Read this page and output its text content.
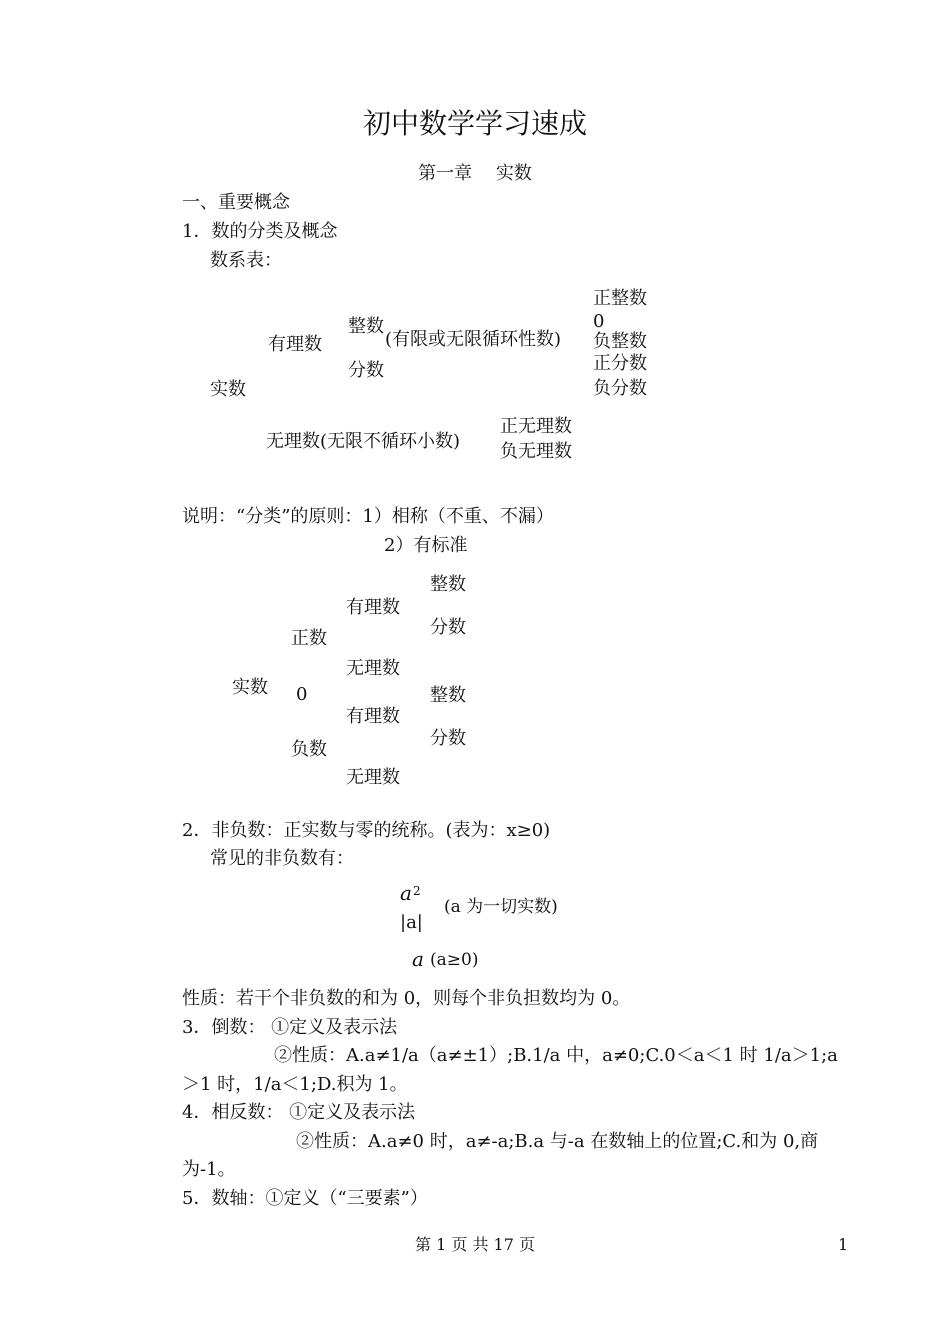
初中数学学习速成
第一章　 实数
一、重要概念
1．数的分类及概念
数系表：
实数
有理数
整数
(有限或无限循环性数)
分数
正整数
0
负整数
正分数
负分数
无理数(无限不循环小数)
正无理数
负无理数
说明：“分类”的原则：1）相称（不重、不漏）
2）有标准
实数
正数
0
负数
有理数
无理数
有理数
无理数
整数
分数
整数
分数
2．非负数：正实数与零的统称。(表为：x≥0)
常见的非负数有：
a 2
|a|
(a 为一切实数)
a (a≥0)
性质：若干个非负数的和为 0，则每个非负担数均为 0。
3．倒数： ①定义及表示法
②性质：A.a≠1/a（a≠±1）;B.1/a 中，a≠0;C.0＜a＜1 时 1/a＞1;a
＞1 时，1/a＜1;D.积为 1。
4．相反数： ①定义及表示法
②性质：A.a≠0 时，a≠-a;B.a 与-a 在数轴上的位置;C.和为 0,商
为-1。
5．数轴：①定义（“三要素”）
第 1 页 共 17 页	1
